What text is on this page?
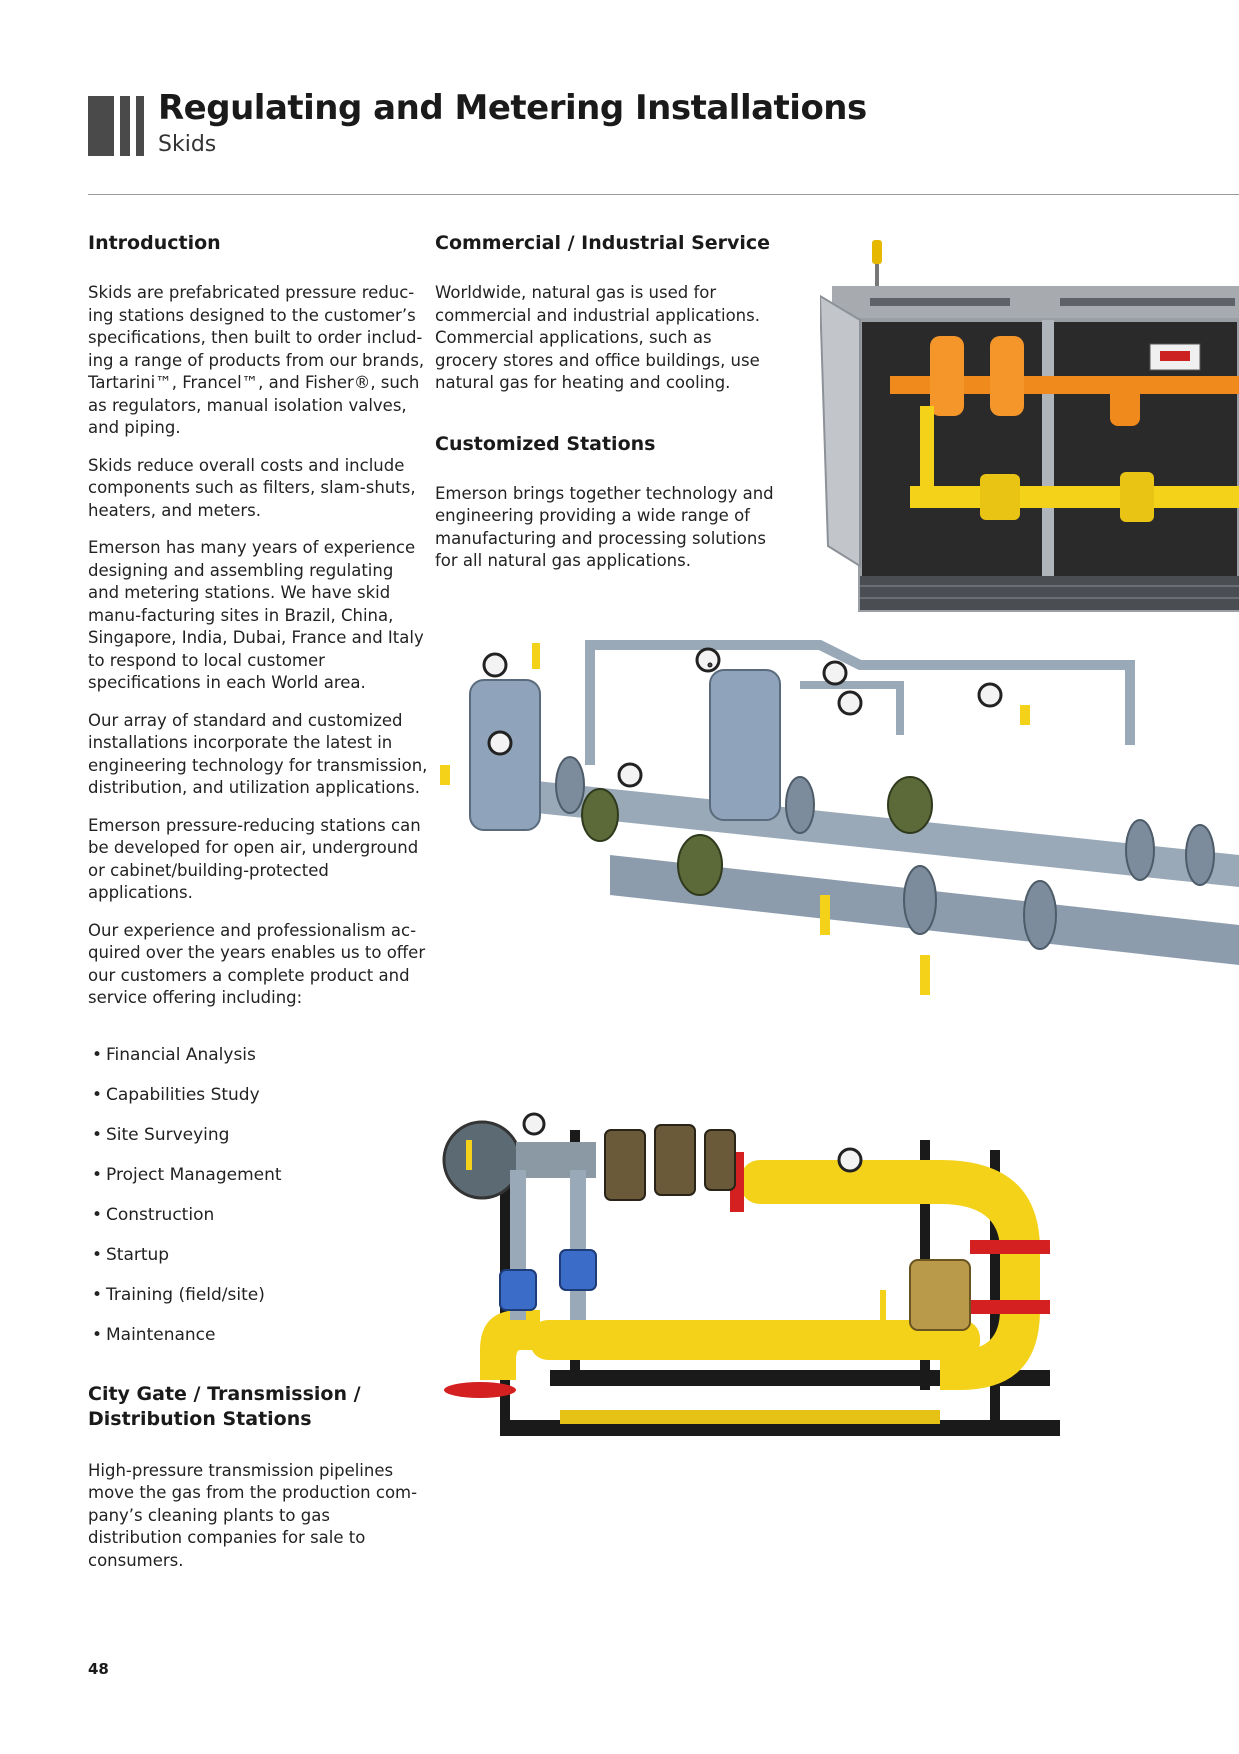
Regulating and Metering Installations
Skids
Introduction

Skids are prefabricated pressure reduc-ing stations designed to the customer’s specifications, then built to order includ-ing a range of products from our brands, Tartarini™, Francel™, and Fisher®, such as regulators, manual isolation valves, and piping.

Skids reduce overall costs and include components such as filters, slam-shuts, heaters, and meters.

Emerson has many years of experience designing and assembling regulating and metering stations. We have skid manu-facturing sites in Brazil, China, Singapore, India, Dubai, France and Italy to respond to local customer specifications in each World area.

Our array of standard and customized installations incorporate the latest in engineering technology for transmission, distribution, and utilization applications.

Emerson pressure-reducing stations can be developed for open air, underground or cabinet/building-protected applications.

Our experience and professionalism ac-quired over the years enables us to offer our customers a complete product and service offering including:

• Financial Analysis
• Capabilities Study
• Site Surveying
• Project Management
• Construction
• Startup
• Training (field/site)
• Maintenance
City Gate / Transmission / Distribution Stations

High-pressure transmission pipelines move the gas from the production com-pany’s cleaning plants to gas distribution companies for sale to consumers.

Commercial / Industrial Service

Worldwide, natural gas is used for commercial and industrial applications. Commercial applications, such as grocery stores and office buildings, use natural gas for heating and cooling.

Customized Stations

Emerson brings together technology and engineering providing a wide range of manufacturing and processing solutions for all natural gas applications.

48
